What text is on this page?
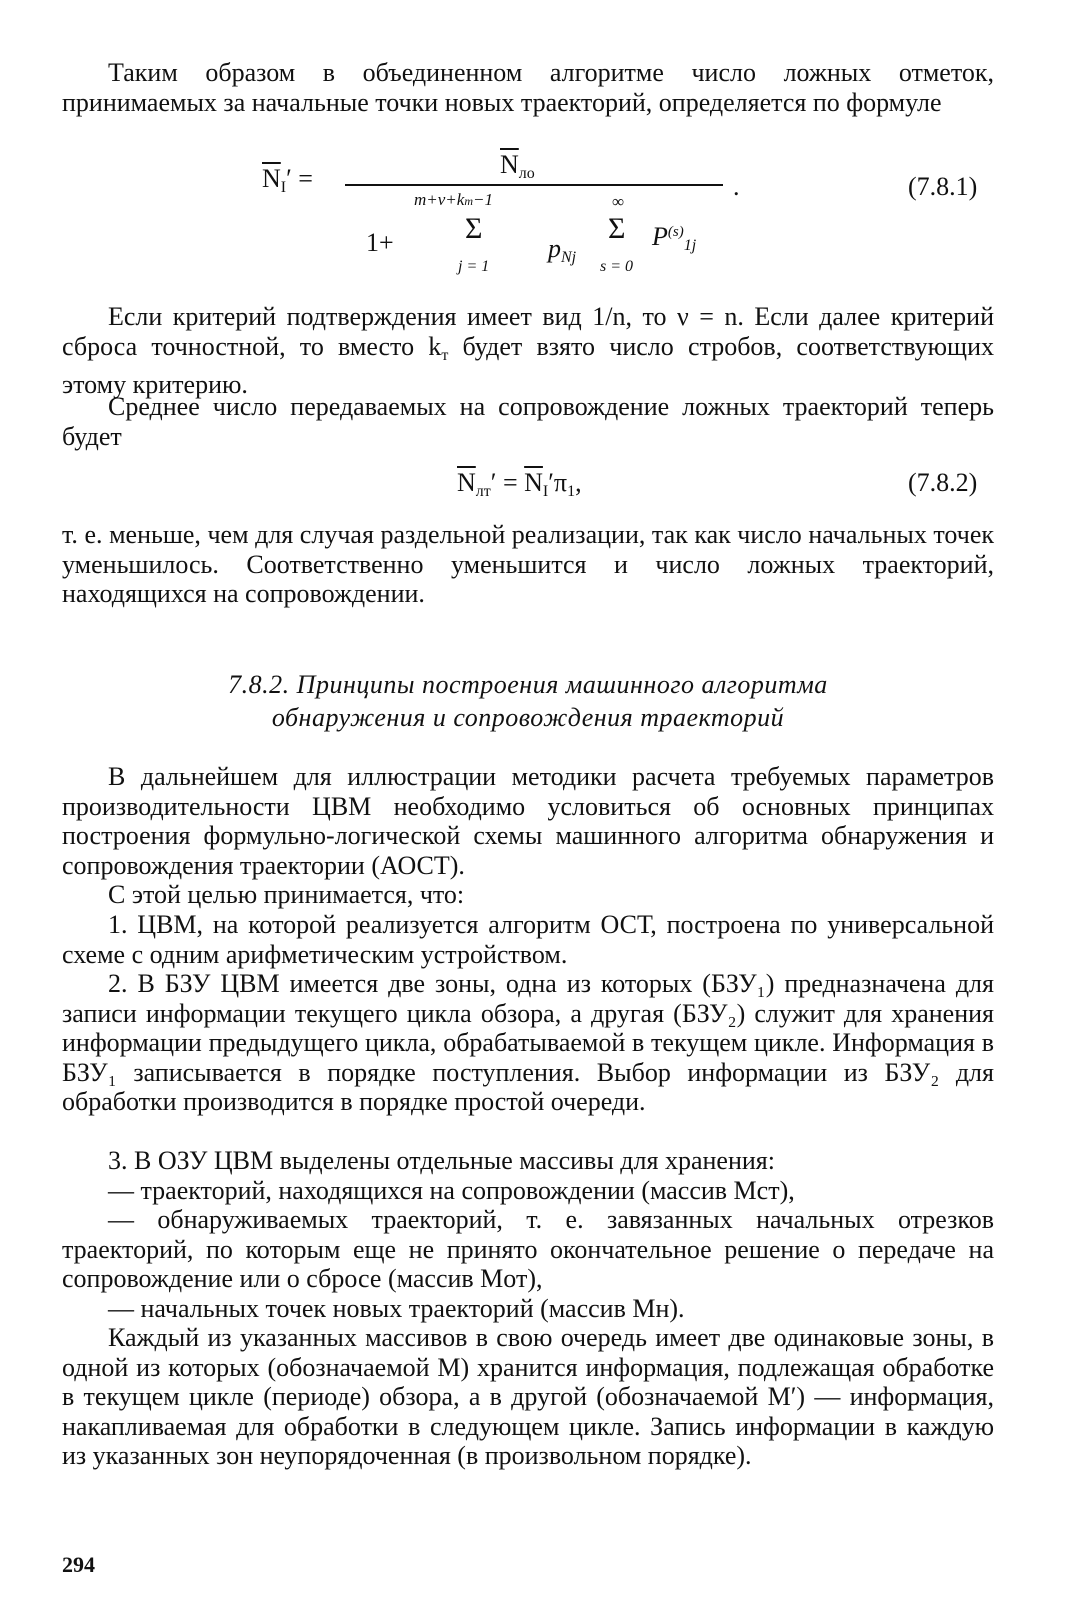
Таким образом в объединенном алгоритме число ложных отметок, принимаемых за начальные точки новых траекторий, определяется по формуле
$\overline{N}_I'$ =	$\overline{N}_{ло}$
m+ν+kт−1	∞
1+ Σ
$p_{Nj}$
Σ $P^{(s)}_{1j}$
j = 1	s = 0
.	(7.8.1)
Если критерий подтверждения имеет вид 1/n, то ν = n. Если далее критерий сброса точностной, то вместо $k_т$ будет взято число стробов, соответствующих этому критерию.
Среднее число передаваемых на сопровождение ложных траекторий теперь будет
$\overline{N}_{лт}' = \overline{N}_I'\pi_1$,	(7.8.2)
т. е. меньше, чем для случая раздельной реализации, так как число начальных точек уменьшилось. Соответственно уменьшится и число ложных траекторий, находящихся на сопровождении.
7.8.2. Принципы построения машинного алгоритма
обнаружения и сопровождения траекторий
В дальнейшем для иллюстрации методики расчета требуемых параметров производительности ЦВМ необходимо условиться об основных принципах построения формульно-логической схемы машинного алгоритма обнаружения и сопровождения траектории (АОСТ).
С этой целью принимается, что:
1. ЦВМ, на которой реализуется алгоритм ОСТ, построена по универсальной схеме с одним арифметическим устройством.
2. В БЗУ ЦВМ имеется две зоны, одна из которых (БЗУ₁) предназначена для записи информации текущего цикла обзора, а другая (БЗУ₂) служит для хранения информации предыдущего цикла, обрабатываемой в текущем цикле. Информация в БЗУ₁ записывается в порядке поступления. Выбор информации из БЗУ₂ для обработки производится в порядке простой очереди.
3. В ОЗУ ЦВМ выделены отдельные массивы для хранения:
— траекторий, находящихся на сопровождении (массив Mст),
— обнаруживаемых траекторий, т. е. завязанных начальных отрезков траекторий, по которым еще не принято окончательное решение о передаче на сопровождение или о сбросе (массив Mот),
— начальных точек новых траекторий (массив Mн).
Каждый из указанных массивов в свою очередь имеет две одинаковые зоны, в одной из которых (обозначаемой M) хранится информация, подлежащая обработке в текущем цикле (периоде) обзора, а в другой (обозначаемой M′) — информация, накапливаемая для обработки в следующем цикле. Запись информации в каждую из указанных зон неупорядоченная (в произвольном порядке).
294
